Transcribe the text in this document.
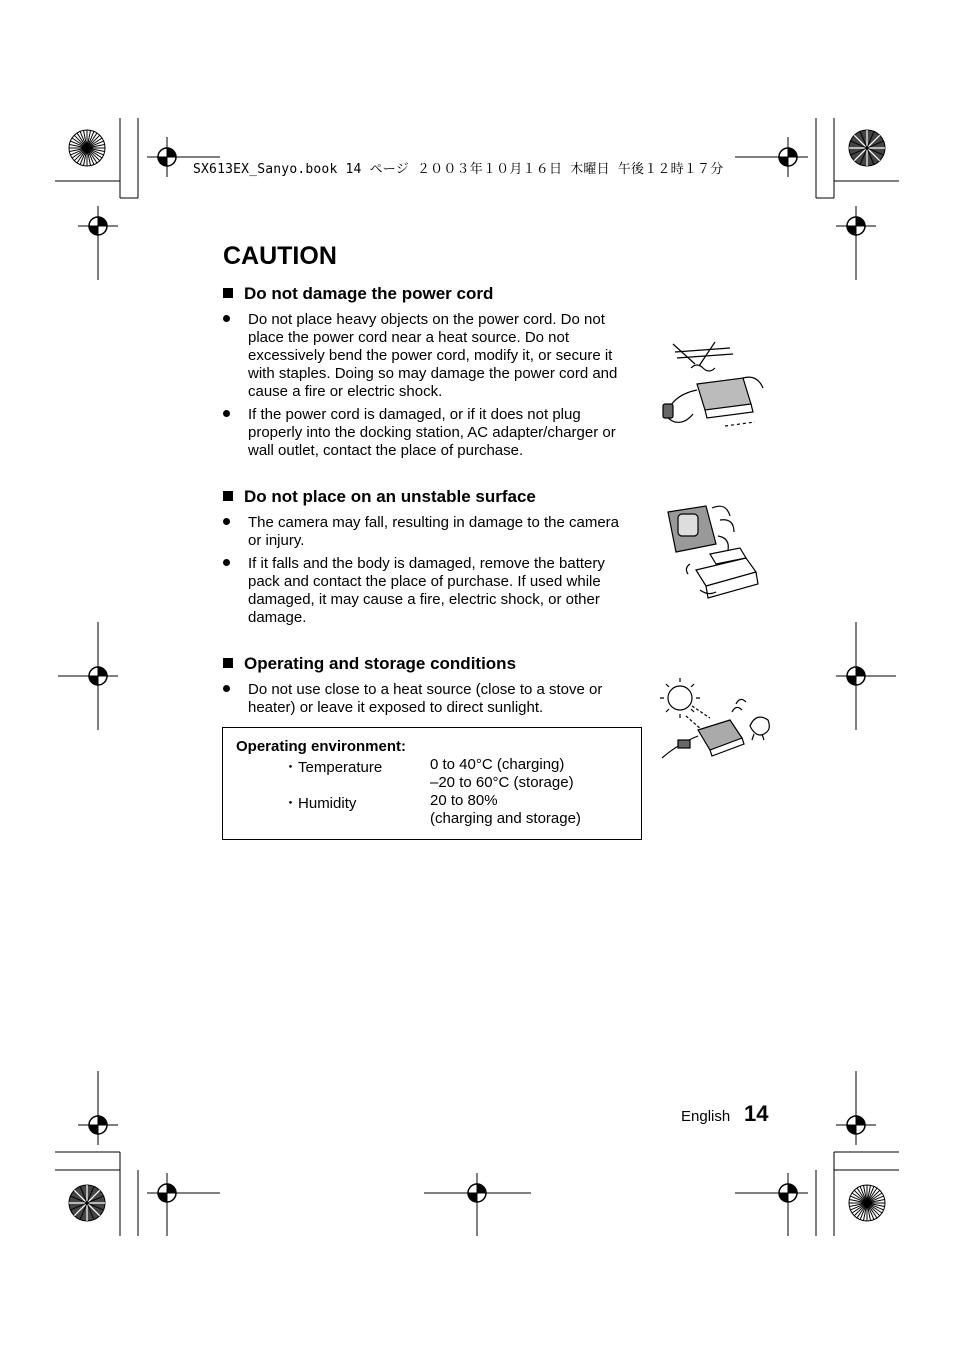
SX613EX_Sanyo.book 14 ページ ２００３年１０月１６日 木曜日 午後１２時１７分
CAUTION
Do not damage the power cord
Do not place heavy objects on the power cord. Do not place the power cord near a heat source. Do not excessively bend the power cord, modify it, or secure it with staples. Doing so may damage the power cord and cause a fire or electric shock.
If the power cord is damaged, or if it does not plug properly into the docking station, AC adapter/charger or wall outlet, contact the place of purchase.
Do not place on an unstable surface
The camera may fall, resulting in damage to the camera or injury.
If it falls and the body is damaged, remove the battery pack and contact the place of purchase. If used while damaged, it may cause a fire, electric shock, or other damage.
Operating and storage conditions
Do not use close to a heat source (close to a stove or heater) or leave it exposed to direct sunlight.
Operating environment:
・Temperature	0 to 40°C (charging)
–20 to 60°C (storage)
・Humidity	20 to 80%
(charging and storage)
English 14
